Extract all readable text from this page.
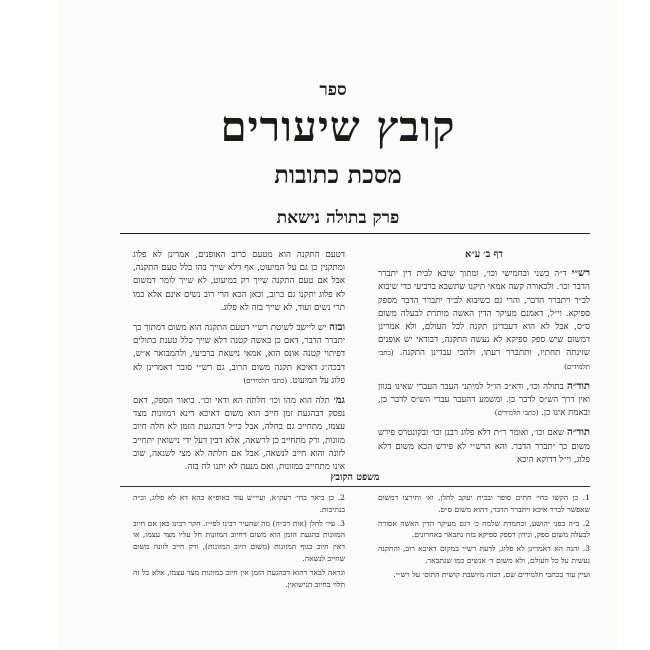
ספר
קובץ שיעורים
מסכת כתובות
פרק בתולה נישאת
דף ב׳ ע״א

רש״י ד״ה בשני ובחמישי וכו׳, ומתוך שיבא לבית דין יתברר הדבר וכו׳. ולכאורה קשה אמאי תיקנו שתשבא ברביעי כדי שיבוא לב״ד ויתברר הדבר, והרי גם כשיבוא לב״ד יתברר הדבר מספק ספיקא. וי״ל, דאמנם מעיקר הדין האשה מותרת לבעלה משום ס״ס, אבל לא הוא דעבדינן תקנה לכל העולם, ולא אמרינן דמשום שיש ספק ספיקא לא נעשה התקנה, דבודאי יש אופנים שזינתה תחתיו, ותתברר רעתו, ולהכי עבדינן התקנה. (כתבי תלמידים)

תוד״ה בתולה וכו׳, ודא״כ הו״ל למיתני העבר העברי שאינו בגוון ואין דרך הש״ס לדבר כן. ומשמע דהעבר עברי הש״ס לדבר כן, ובאמת אינו כן. (כתבי תלמידים)

תוד״ה שאם וכו׳, ואומר ר״ת דלא פלוג רבנן וכו׳ ובקונטרס פירש משום כך יתברר הדבר. והא הרש״י לא פירש הכא משום דלא פלוג, וי״ל דדוקא היכא

דטעם התקנה הוא מטעם כרוב האופנים, אמרינן לא פלוג ומתקנין כן גם על המיעוט, אף דלא שייך בהו כלל טעם התקנה, אבל אם טעם התקנה שייך רק במיעוט, לא שייך לומר דמשום לא פלוג יתקנו גם ברוב, וכאן הכא הרי רוב נשים אינם אלא כמו תרי נשים ועוד, לא שייך בזה לא פלוג.

ובזה יש ליישב לשיטת רש״י דטעם התקנה הוא משום דמתוך כך יתברר הדבר, דאם כן באשה קטנה דלא שייך כלל טענת בתולים דפיתוי קטנה אונס הוא, אמאי נישאת ברביעי, ולהמבואר א״ש, דבכה״ג דאיכא תקנה משום הרוב, גם רש״י סובר דאמרינן לא פלוג על המיעוט. (כתבי תלמידים)

גמ׳ תלה הוא מהו וכו׳ חלתה הא ודאי וכו׳. ביאור הספק, דאם נפסק דבהגעת זמן חייב הוא משום דאיכא דינא דמזונות מצד עצמו, מתחייב גם בחלה, אבל כי״ל דבהגעת הזמן לא חלה חיוב מזונות, ורק מתחייב כן לרשאה, אלא דבין דעל ידי נישואין יתחייב לזונה והוא חייב לנשאה, אבל אם חלתה לא מצי לשנאה, שוב אינו מתחייב במזונות, ואם מנעה לא יתנו לה בזה.

משפט הקובץ

1. כן הקשו בחי׳ חתים סופר ובבית יעקב להלן, וא׳ ותירצו דמשום שאפשר לברר איכא ויתברר הדבר, דהוא משום ס״ס.

2. כ״ה בפני יהושע, ובחמדת שלמה כ׳ דגם מעיקר הדין האשה אסורה לבעלה משום ספק, ונידון דספק ספיקא בזה נתבאר באחרונים.

3. והנה הא דאמרינן לא פלוג, לדעת רש״י במקום דאיכא רוב, והתקנה נעשית על כל העולם, ולא משום ד׳ אנשים כמו שנתבאר.

ועיין עוד בכתבי תלמידים שם, דבזה מיושבת קושית התוס׳ על רש״י.

2. כן ביאר בחי׳ רעק״א, ועיי״ש עוד באופ״א בהא דא לא פלוג, וכ״ה בנתיבות.

3. עיי׳ להלן (אות רכ״ה) מה שהעיר רבינו לפי״ז. חקר רבינו כאן אם חיוב המזונות בהגעת הזמן הוא משום דחיוב המזונות חל עליו מצד עצמו, או דאין חיוב בגוף המזונות (משום חיוב המזונות), ורק חייב לזונה משום שחייב לנשאה.

ונראה לבאר דהוא דבהגעת הזמן אין חיוב במזונות מצד עצמו, אלא כל זה תלוי בחיוב הנישואין.
